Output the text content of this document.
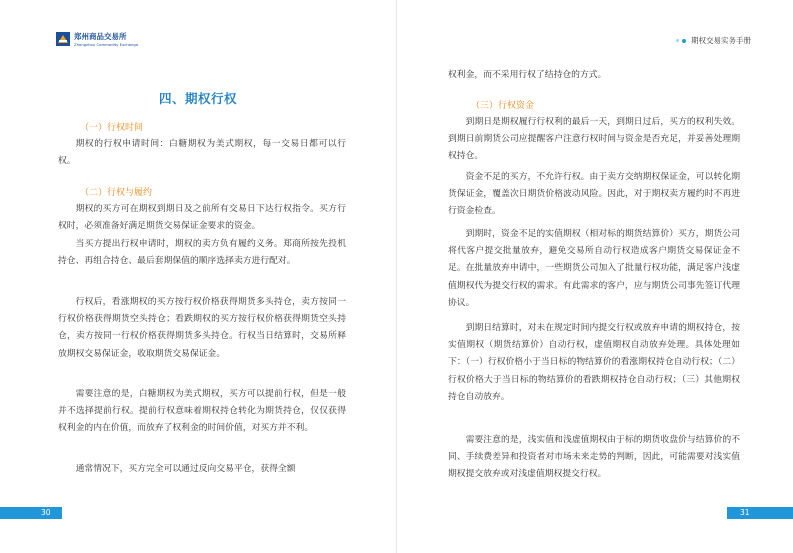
郑州商品交易所
Zhengzhou Commodity Exchange
四、期权行权
（一）行权时间

期权的行权申请时间：白糖期权为美式期权，每一交易日都可以行权。

（二）行权与履约

期权的买方可在期权到期日及之前所有交易日下达行权指令。买方行权时，必须准备好满足期货交易保证金要求的资金。

当买方提出行权申请时，期权的卖方负有履约义务。郑商所按先投机持仓、再组合持仓、最后套期保值的顺序选择卖方进行配对。

行权后，看涨期权的买方按行权价格获得期货多头持仓，卖方按同一行权价格获得期货空头持仓；看跌期权的买方按行权价格获得期货空头持仓，卖方按同一行权价格获得期货多头持仓。行权当日结算时，交易所释放期权交易保证金，收取期货交易保证金。

需要注意的是，白糖期权为美式期权，买方可以提前行权，但是一般并不选择提前行权。提前行权意味着期权持仓转化为期货持仓，仅仅获得权利金的内在价值，而放弃了权利金的时间价值，对买方并不利。

通常情况下，买方完全可以通过反向交易平仓，获得全额

30
期权交易实务手册

权利金，而不采用行权了结持仓的方式。

（三）行权资金

到期日是期权履行行权利的最后一天，到期日过后，买方的权利失效。到期日前期货公司应提醒客户注意行权时间与资金是否充足，并妥善处理期权持仓。

资金不足的买方，不允许行权。由于卖方交纳期权保证金，可以转化期货保证金，覆盖次日期货价格波动风险。因此，对于期权卖方履约时不再进行资金检查。

到期时，资金不足的实值期权（相对标的期货结算价）买方，期货公司将代客户提交批量放弃，避免交易所自动行权造成客户期货交易保证金不足。在批量放弃申请中，一些期货公司加入了批量行权功能，满足客户浅虚值期权代为提交行权的需求。有此需求的客户，应与期货公司事先签订代理协议。

到期日结算时，对未在规定时间内提交行权或放弃申请的期权持仓，按实值期权（期货结算价）自动行权，虚值期权自动放弃处理。具体处理如下：（一）行权价格小于当日标的物结算价的看涨期权持仓自动行权；（二）行权价格大于当日标的物结算价的看跌期权持仓自动行权；（三）其他期权持仓自动放弃。

需要注意的是，浅实值和浅虚值期权由于标的期货收盘价与结算价的不同、手续费差异和投资者对市场未来走势的判断，因此，可能需要对浅实值期权提交放弃或对浅虚值期权提交行权。

31
